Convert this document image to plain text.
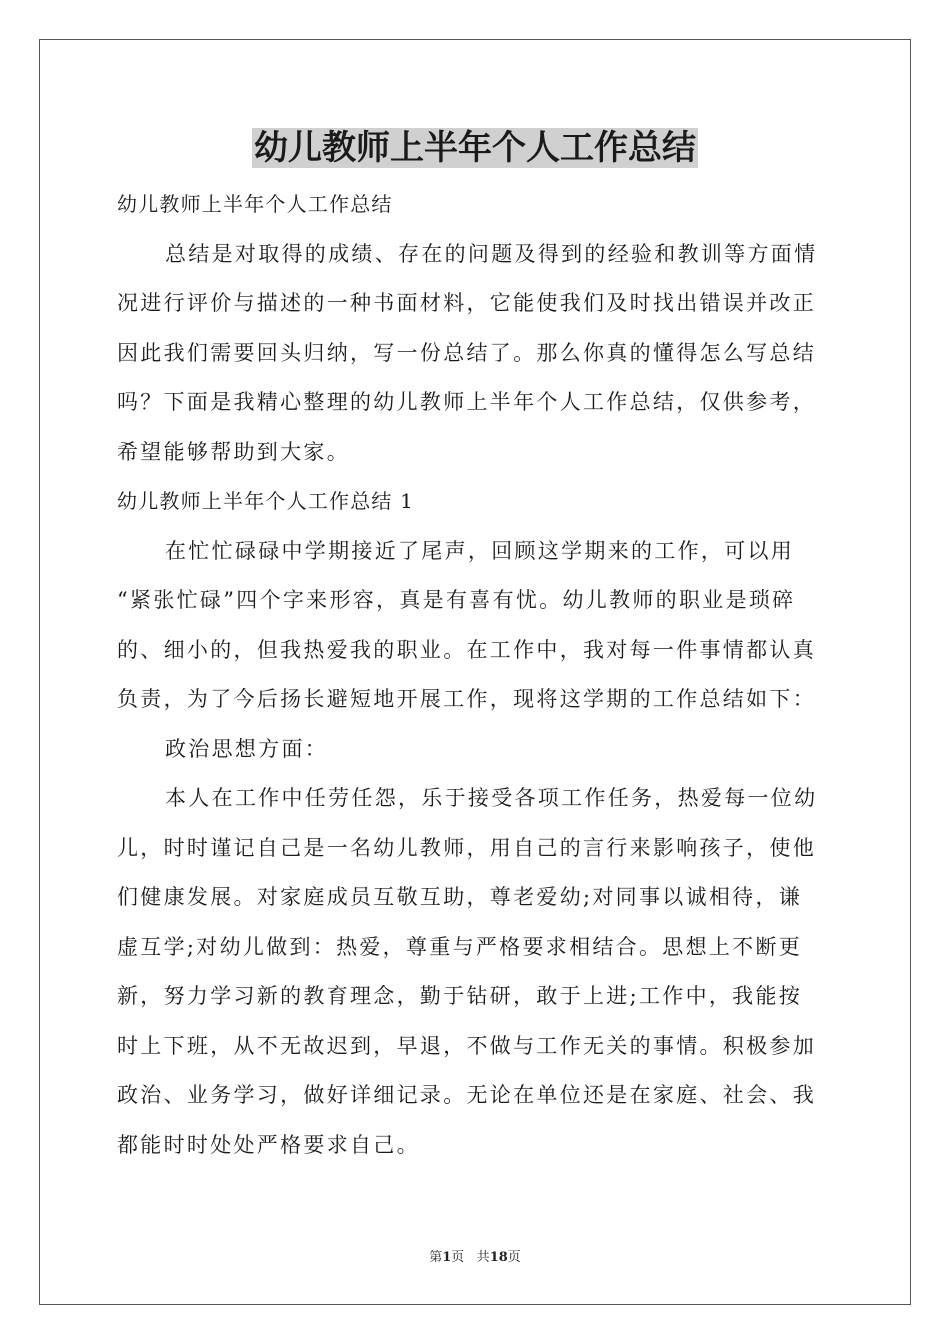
幼儿教师上半年个人工作总结
幼儿教师上半年个人工作总结
总结是对取得的成绩、存在的问题及得到的经验和教训等方面情
况进行评价与描述的一种书面材料，它能使我们及时找出错误并改正
因此我们需要回头归纳，写一份总结了。那么你真的懂得怎么写总结
吗？下面是我精心整理的幼儿教师上半年个人工作总结，仅供参考，
希望能够帮助到大家。
幼儿教师上半年个人工作总结 1
在忙忙碌碌中学期接近了尾声，回顾这学期来的工作，可以用
“紧张忙碌”四个字来形容，真是有喜有忧。幼儿教师的职业是琐碎
的、细小的，但我热爱我的职业。在工作中，我对每一件事情都认真
负责，为了今后扬长避短地开展工作，现将这学期的工作总结如下：
政治思想方面：
本人在工作中任劳任怨，乐于接受各项工作任务，热爱每一位幼
儿，时时谨记自己是一名幼儿教师，用自己的言行来影响孩子，使他
们健康发展。对家庭成员互敬互助，尊老爱幼;对同事以诚相待，谦
虚互学;对幼儿做到：热爱，尊重与严格要求相结合。思想上不断更
新，努力学习新的教育理念，勤于钻研，敢于上进;工作中，我能按
时上下班，从不无故迟到，早退，不做与工作无关的事情。积极参加
政治、业务学习，做好详细记录。无论在单位还是在家庭、社会、我
都能时时处处严格要求自己。
第1页 共18页
